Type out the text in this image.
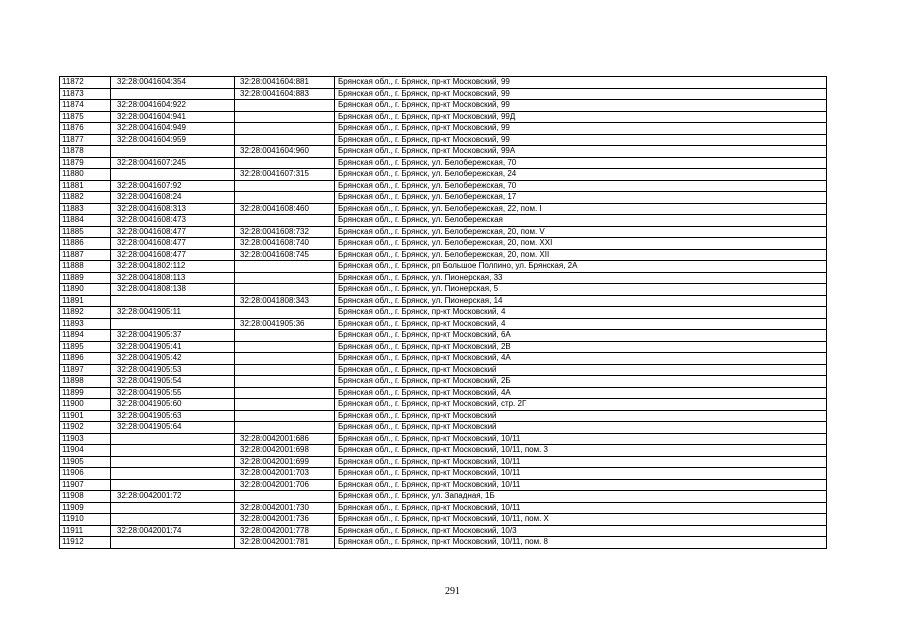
11872	32:28:0041604:354	32:28:0041604:881	Брянская обл., г. Брянск, пр-кт Московский, 99
11873		32:28:0041604:883	Брянская обл., г. Брянск, пр-кт Московский, 99
11874	32:28:0041604:922		Брянская обл., г. Брянск, пр-кт Московский, 99
11875	32:28:0041604:941		Брянская обл., г. Брянск, пр-кт Московский, 99Д
11876	32:28:0041604:949		Брянская обл., г. Брянск, пр-кт Московский, 99
11877	32:28:0041604:959		Брянская обл., г. Брянск, пр-кт Московский, 99
11878		32:28:0041604:960	Брянская обл., г. Брянск, пр-кт Московский, 99А
11879	32:28:0041607:245		Брянская обл., г. Брянск, ул. Белобережская, 70
11880		32:28:0041607:315	Брянская обл., г. Брянск, ул. Белобережская, 24
11881	32:28:0041607:92		Брянская обл., г. Брянск, ул. Белобережская, 70
11882	32:28:0041608:24		Брянская обл., г. Брянск, ул. Белобережская, 17
11883	32:28:0041608:313	32:28:0041608:460	Брянская обл., г. Брянск, ул. Белобережская, 22, пом. I
11884	32:28:0041608:473		Брянская обл., г. Брянск, ул. Белобережская
11885	32:28:0041608:477	32:28:0041608:732	Брянская обл., г. Брянск, ул. Белобережская, 20, пом. V
11886	32:28:0041608:477	32:28:0041608:740	Брянская обл., г. Брянск, ул. Белобережская, 20, пом. XXI
11887	32:28:0041608:477	32:28:0041608:745	Брянская обл., г. Брянск, ул. Белобережская, 20, пом. XII
11888	32:28:0041802:112		Брянская обл., г. Брянск, рп Большое Полпино, ул. Брянская, 2А
11889	32:28:0041808:113		Брянская обл., г. Брянск, ул. Пионерская, 33
11890	32:28:0041808:138		Брянская обл., г. Брянск, ул. Пионерская, 5
11891		32:28:0041808:343	Брянская обл., г. Брянск, ул. Пионерская, 14
11892	32:28:0041905:11		Брянская обл., г. Брянск, пр-кт Московский, 4
11893		32:28:0041905:36	Брянская обл., г. Брянск, пр-кт Московский, 4
11894	32:28:0041905:37		Брянская обл., г. Брянск, пр-кт Московский, 6А
11895	32:28:0041905:41		Брянская обл., г. Брянск, пр-кт Московский, 2В
11896	32:28:0041905:42		Брянская обл., г. Брянск, пр-кт Московский, 4А
11897	32:28:0041905:53		Брянская обл., г. Брянск, пр-кт Московский
11898	32:28:0041905:54		Брянская обл., г. Брянск, пр-кт Московский, 2Б
11899	32:28:0041905:55		Брянская обл., г. Брянск, пр-кт Московский, 4А
11900	32:28:0041905:60		Брянская обл., г. Брянск, пр-кт Московский, стр. 2Г
11901	32:28:0041905:63		Брянская обл., г. Брянск, пр-кт Московский
11902	32:28:0041905:64		Брянская обл., г. Брянск, пр-кт Московский
11903		32:28:0042001:686	Брянская обл., г. Брянск, пр-кт Московский, 10/11
11904		32:28:0042001:698	Брянская обл., г. Брянск, пр-кт Московский, 10/11, пом. 3
11905		32:28:0042001:699	Брянская обл., г. Брянск, пр-кт Московский, 10/11
11906		32:28:0042001:703	Брянская обл., г. Брянск, пр-кт Московский, 10/11
11907		32:28:0042001:706	Брянская обл., г. Брянск, пр-кт Московский, 10/11
11908	32:28:0042001:72		Брянская обл., г. Брянск, ул. Западная, 1Б
11909		32:28:0042001:730	Брянская обл., г. Брянск, пр-кт Московский, 10/11
11910		32:28:0042001:736	Брянская обл., г. Брянск, пр-кт Московский, 10/11, пом. X
11911	32:28:0042001:74	32:28:0042001:778	Брянская обл., г. Брянск, пр-кт Московский, 10/3
11912		32:28:0042001:781	Брянская обл., г. Брянск, пр-кт Московский, 10/11, пом. 8
291
